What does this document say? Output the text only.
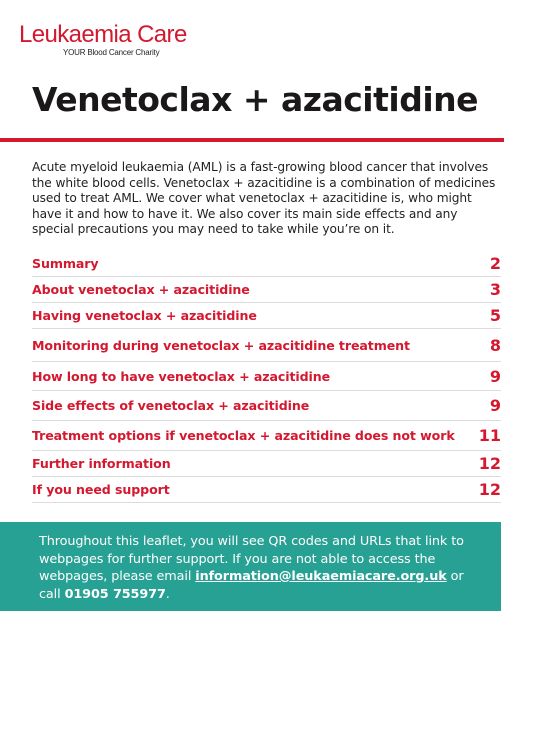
Leukaemia Care
YOUR Blood Cancer Charity
Venetoclax + azacitidine

Acute myeloid leukaemia (AML) is a fast-growing blood cancer that involves the white blood cells. Venetoclax + azacitidine is a combination of medicines used to treat AML. We cover what venetoclax + azacitidine is, who might have it and how to have it. We also cover its main side effects and any special precautions you may need to take while you’re on it.

Summary	2
About venetoclax + azacitidine	3
Having venetoclax + azacitidine	5
Monitoring during venetoclax + azacitidine treatment	8
How long to have venetoclax + azacitidine	9
Side effects of venetoclax + azacitidine	9
Treatment options if venetoclax + azacitidine does not work 11
Further information	12
If you need support	12
Throughout this leaflet, you will see QR codes and URLs that link to webpages for further support. If you are not able to access the webpages, please email information@leukaemiacare.org.uk or call 01905 755977.
